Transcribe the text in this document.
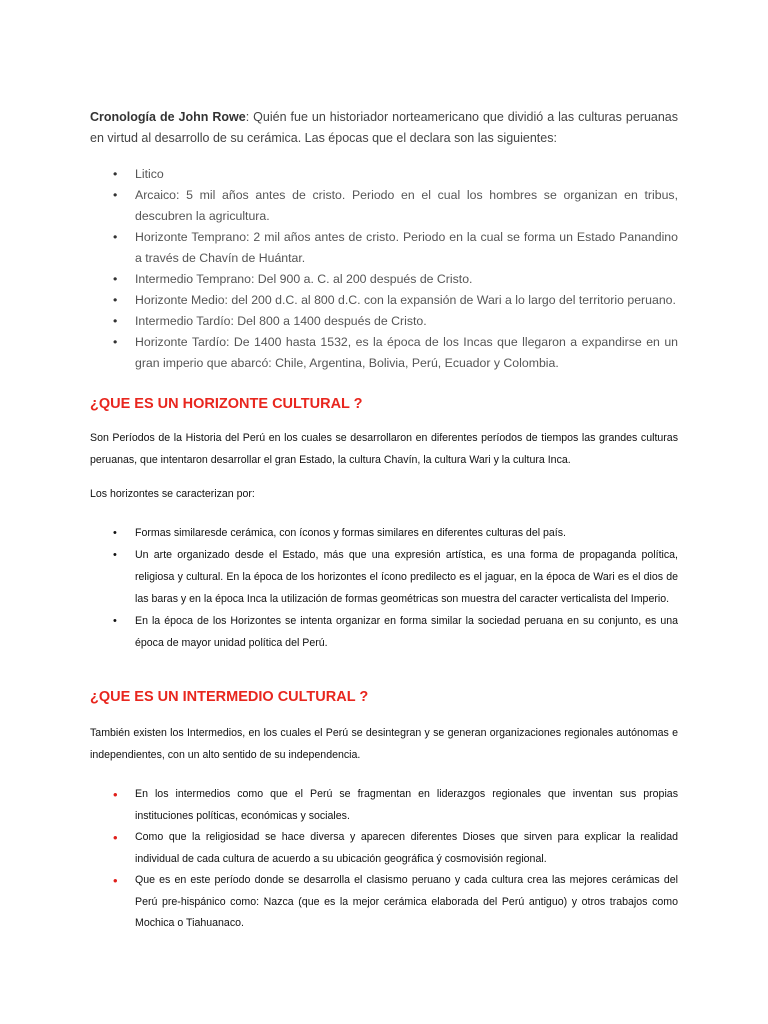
Cronología de John Rowe: Quién fue un historiador norteamericano que dividió a las culturas peruanas en virtud al desarrollo de su cerámica. Las épocas que el declara son las siguientes:

• Litico
• Arcaico: 5 mil años antes de cristo. Periodo en el cual los hombres se organizan en tribus, descubren la agricultura.
• Horizonte Temprano: 2 mil años antes de cristo. Periodo en la cual se forma un Estado Panandino a través de Chavín de Huántar.
• Intermedio Temprano: Del 900 a. C. al 200 después de Cristo.
• Horizonte Medio: del 200 d.C. al 800 d.C. con la expansión de Wari a lo largo del territorio peruano.
• Intermedio Tardío: Del 800 a 1400 después de Cristo.
• Horizonte Tardío: De 1400 hasta 1532, es la época de los Incas que llegaron a expandirse en un gran imperio que abarcó: Chile, Argentina, Bolivia, Perú, Ecuador y Colombia.
¿QUE ES UN HORIZONTE CULTURAL ?

Son Períodos de la Historia del Perú en los cuales se desarrollaron en diferentes períodos de tiempos las grandes culturas peruanas, que intentaron desarrollar el gran Estado, la cultura Chavín, la cultura Wari y la cultura Inca.

Los horizontes se caracterizan por:

• Formas similaresde cerámica, con íconos y formas similares en diferentes culturas del país.
• Un arte organizado desde el Estado, más que una expresión artística, es una forma de propaganda política, religiosa y cultural. En la época de los horizontes el ícono predilecto es el jaguar, en la época de Wari es el dios de las baras y en la época Inca la utilización de formas geométricas son muestra del caracter verticalista del Imperio.
• En la época de los Horizontes se intenta organizar en forma similar la sociedad peruana en su conjunto, es una época de mayor unidad política del Perú.
¿QUE ES UN INTERMEDIO CULTURAL ?

También existen los Intermedios, en los cuales el Perú se desintegran y se generan organizaciones regionales autónomas e independientes, con un alto sentido de su independencia.

• En los intermedios como que el Perú se fragmentan en liderazgos regionales que inventan sus propias instituciones políticas, económicas y sociales.
• Como que la religiosidad se hace diversa y aparecen diferentes Dioses que sirven para explicar la realidad individual de cada cultura de acuerdo a su ubicación geográfica ý cosmovisión regional.
• Que es en este período donde se desarrolla el clasismo peruano y cada cultura crea las mejores cerámicas del Perú pre-hispánico como: Nazca (que es la mejor cerámica elaborada del Perú antiguo) y otros trabajos como Mochica o Tiahuanaco.
